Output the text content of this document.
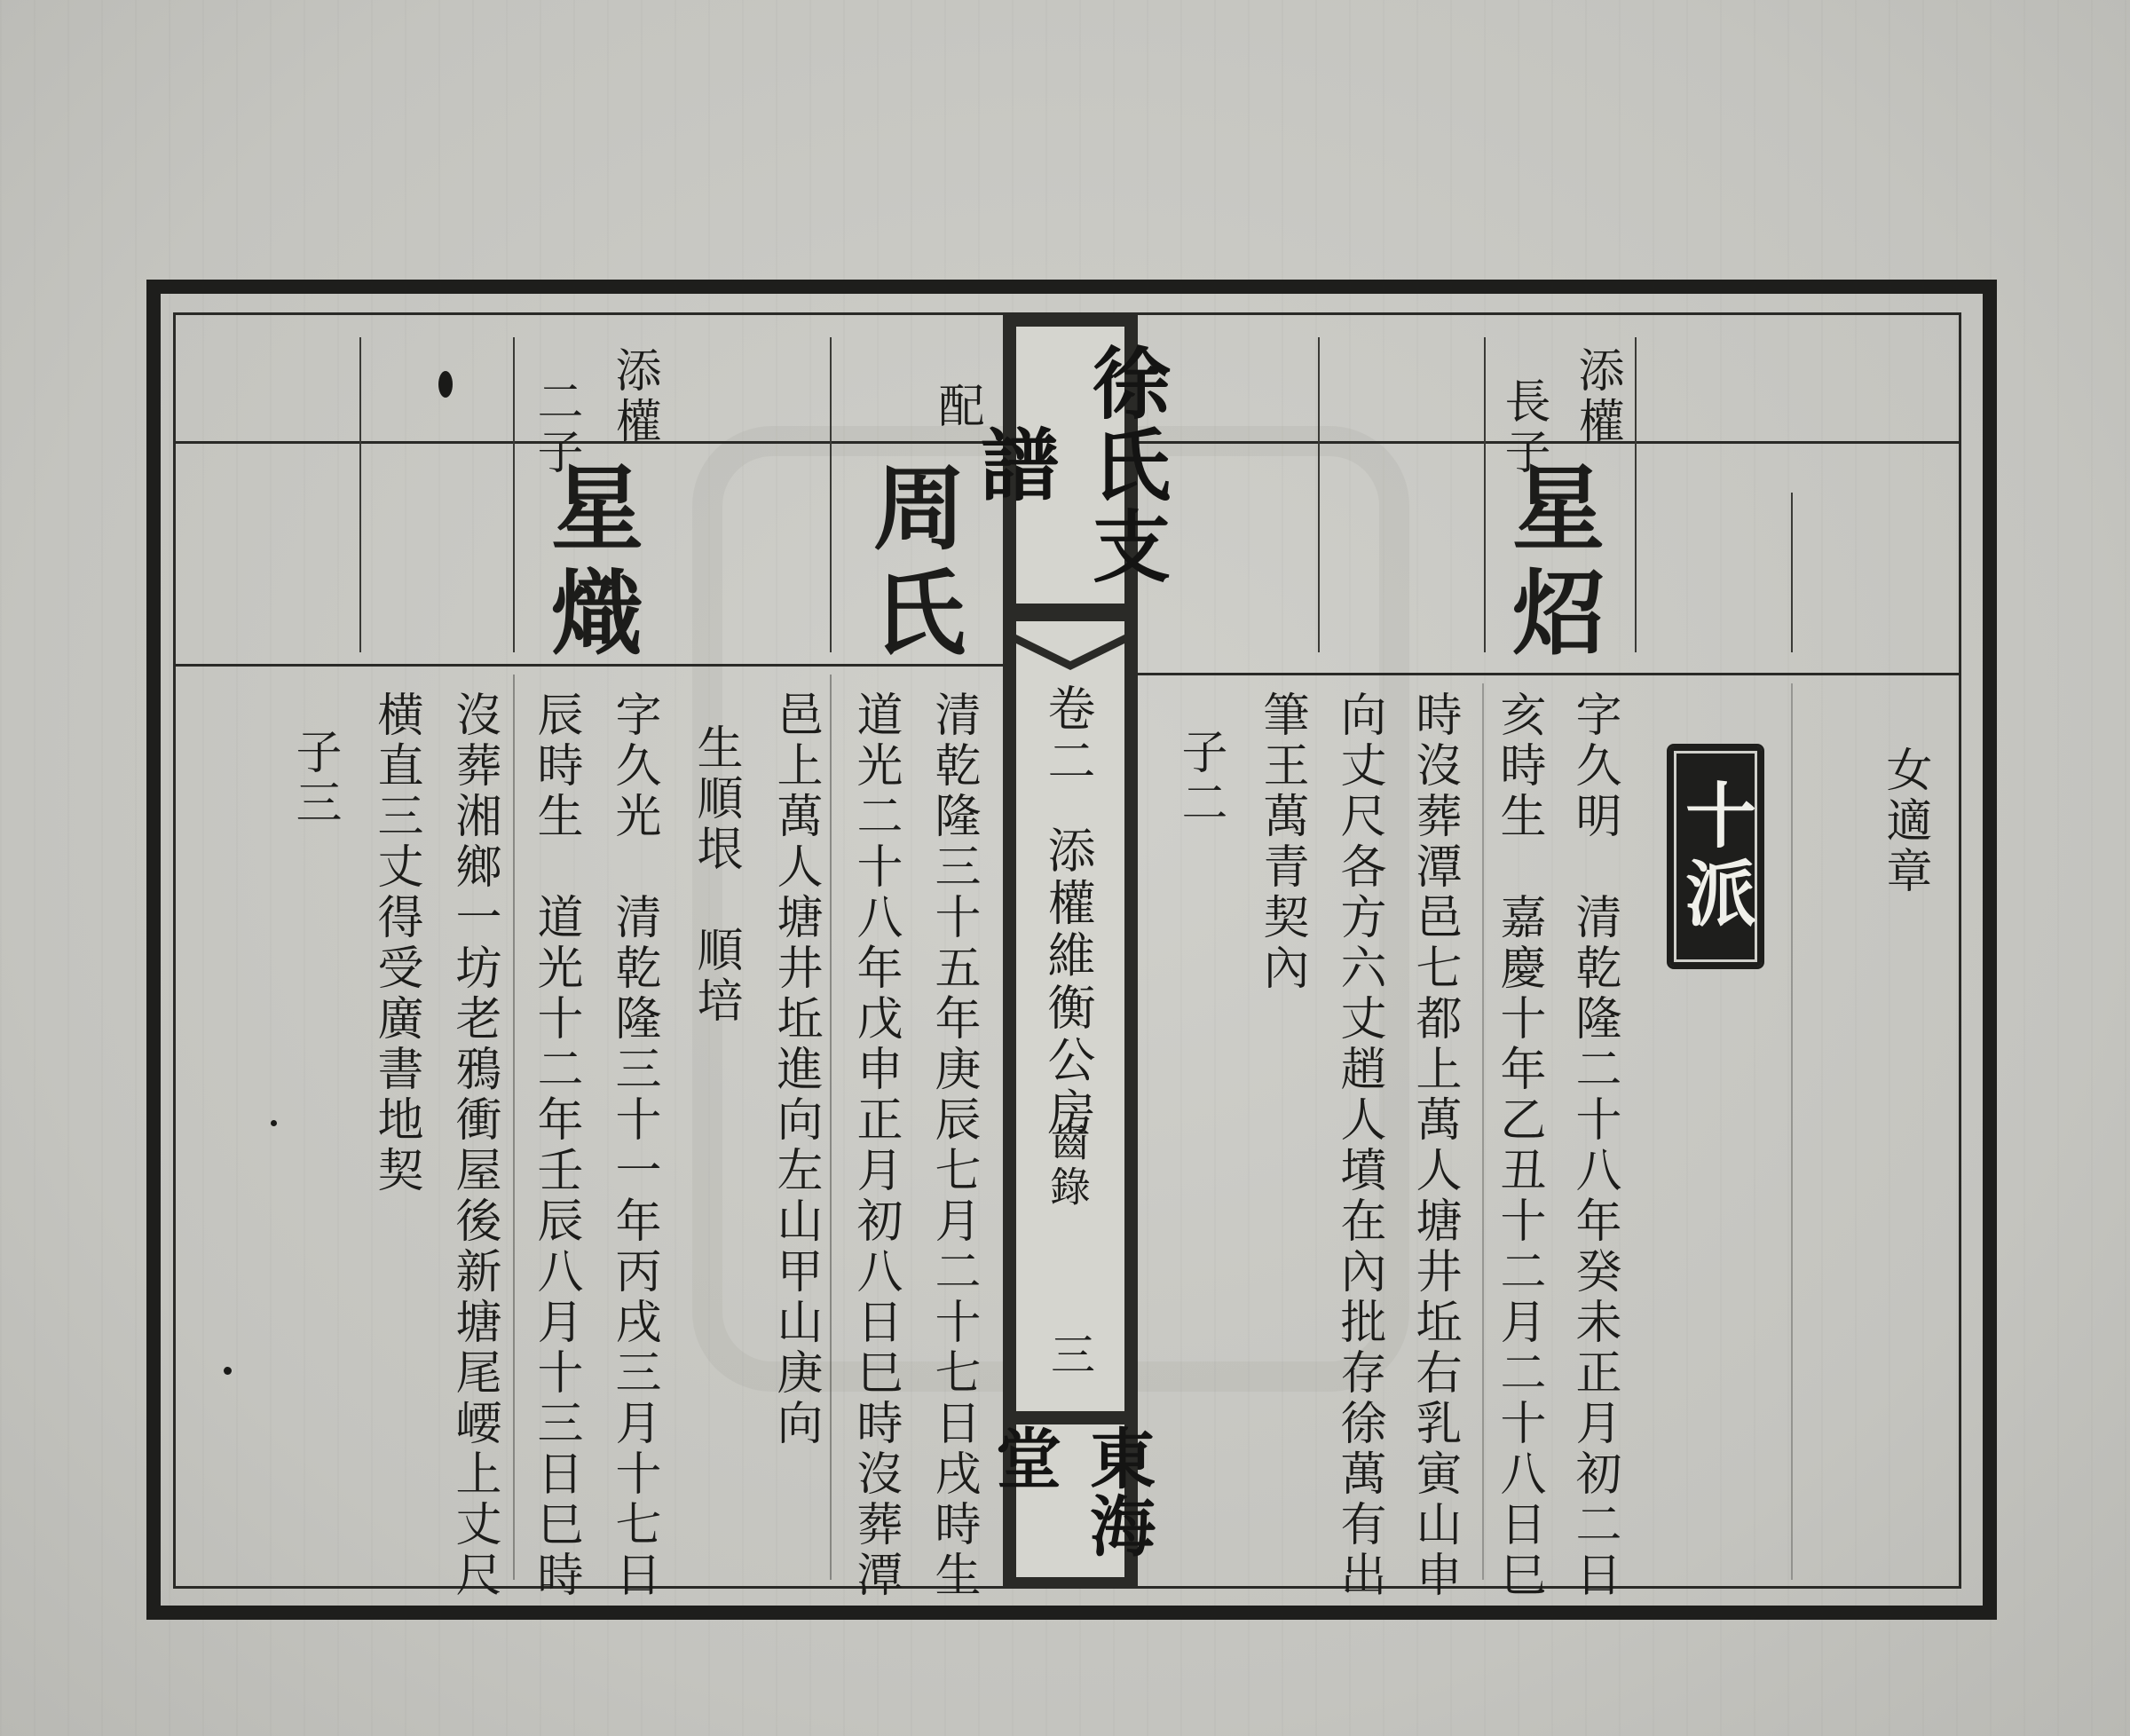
卷二
添權維衡公房
齒錄
三
東海堂
十派	女適章
添權
長子
星炤
字久明　清乾隆二十八年癸未正月初二日
亥時生　嘉慶十年乙丑十二月二十八日巳
時沒葬潭邑七都上萬人塘井坵右乳寅山申
向丈尺各方六丈趙人墳在內批存徐萬有出
筆王萬青契內
子二
配
周氏
清乾隆三十五年庚辰七月二十七日戌時生
道光二十八年戊申正月初八日巳時沒葬潭
邑上萬人塘井坵進向左山甲山庚向
生順垠　順培
添權
二子
星熾
字久光　清乾隆三十一年丙戌三月十七日
辰時生　道光十二年壬辰八月十三日巳時
沒葬湘鄉一坊老鴉衝屋後新塘尾崾上丈尺
横直三丈得受廣書地契
子三
